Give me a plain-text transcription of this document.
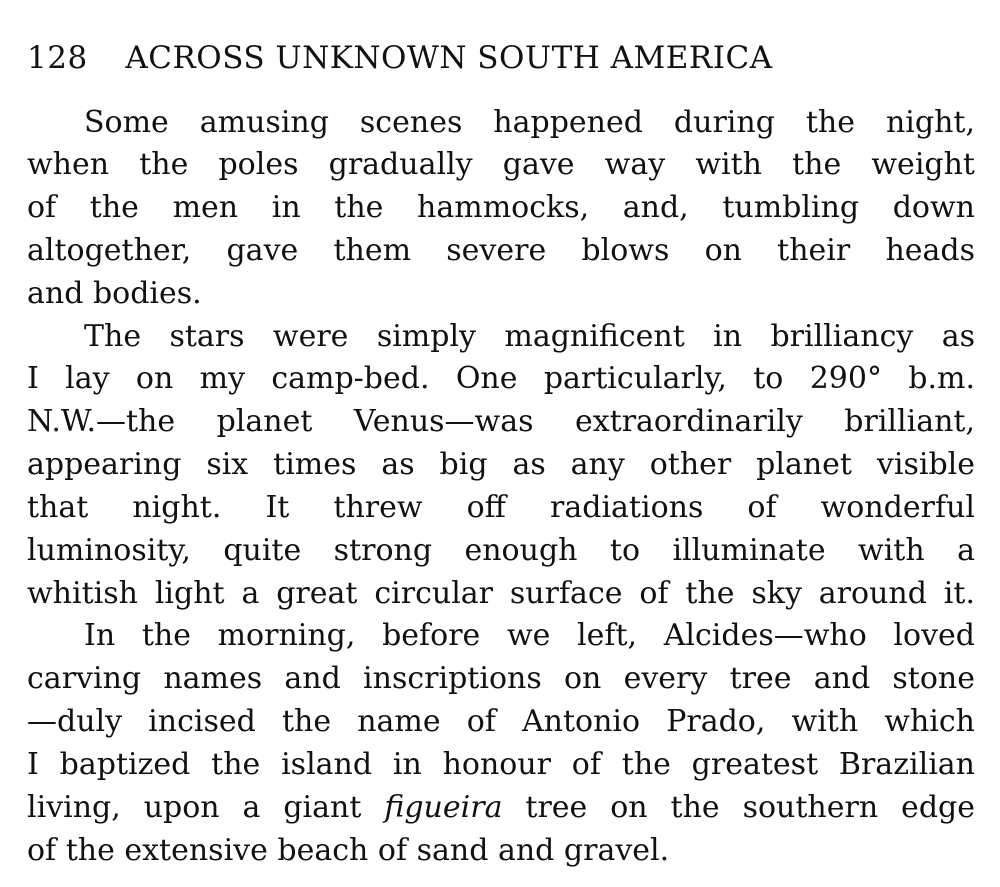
128 ACROSS UNKNOWN SOUTH AMERICA
Some amusing scenes happened during the night,
when the poles gradually gave way with the weight
of the men in the hammocks, and, tumbling down
altogether, gave them severe blows on their heads
and bodies.
The stars were simply magnificent in brilliancy as
I lay on my camp-bed. One particularly, to 290° b.m.
N.W.—the planet Venus—was extraordinarily brilliant,
appearing six times as big as any other planet visible
that night. It threw off radiations of wonderful
luminosity, quite strong enough to illuminate with a
whitish light a great circular surface of the sky around it.
In the morning, before we left, Alcides—who loved
carving names and inscriptions on every tree and stone
—duly incised the name of Antonio Prado, with which
I baptized the island in honour of the greatest Brazilian
living, upon a giant figueira tree on the southern edge
of the extensive beach of sand and gravel.
